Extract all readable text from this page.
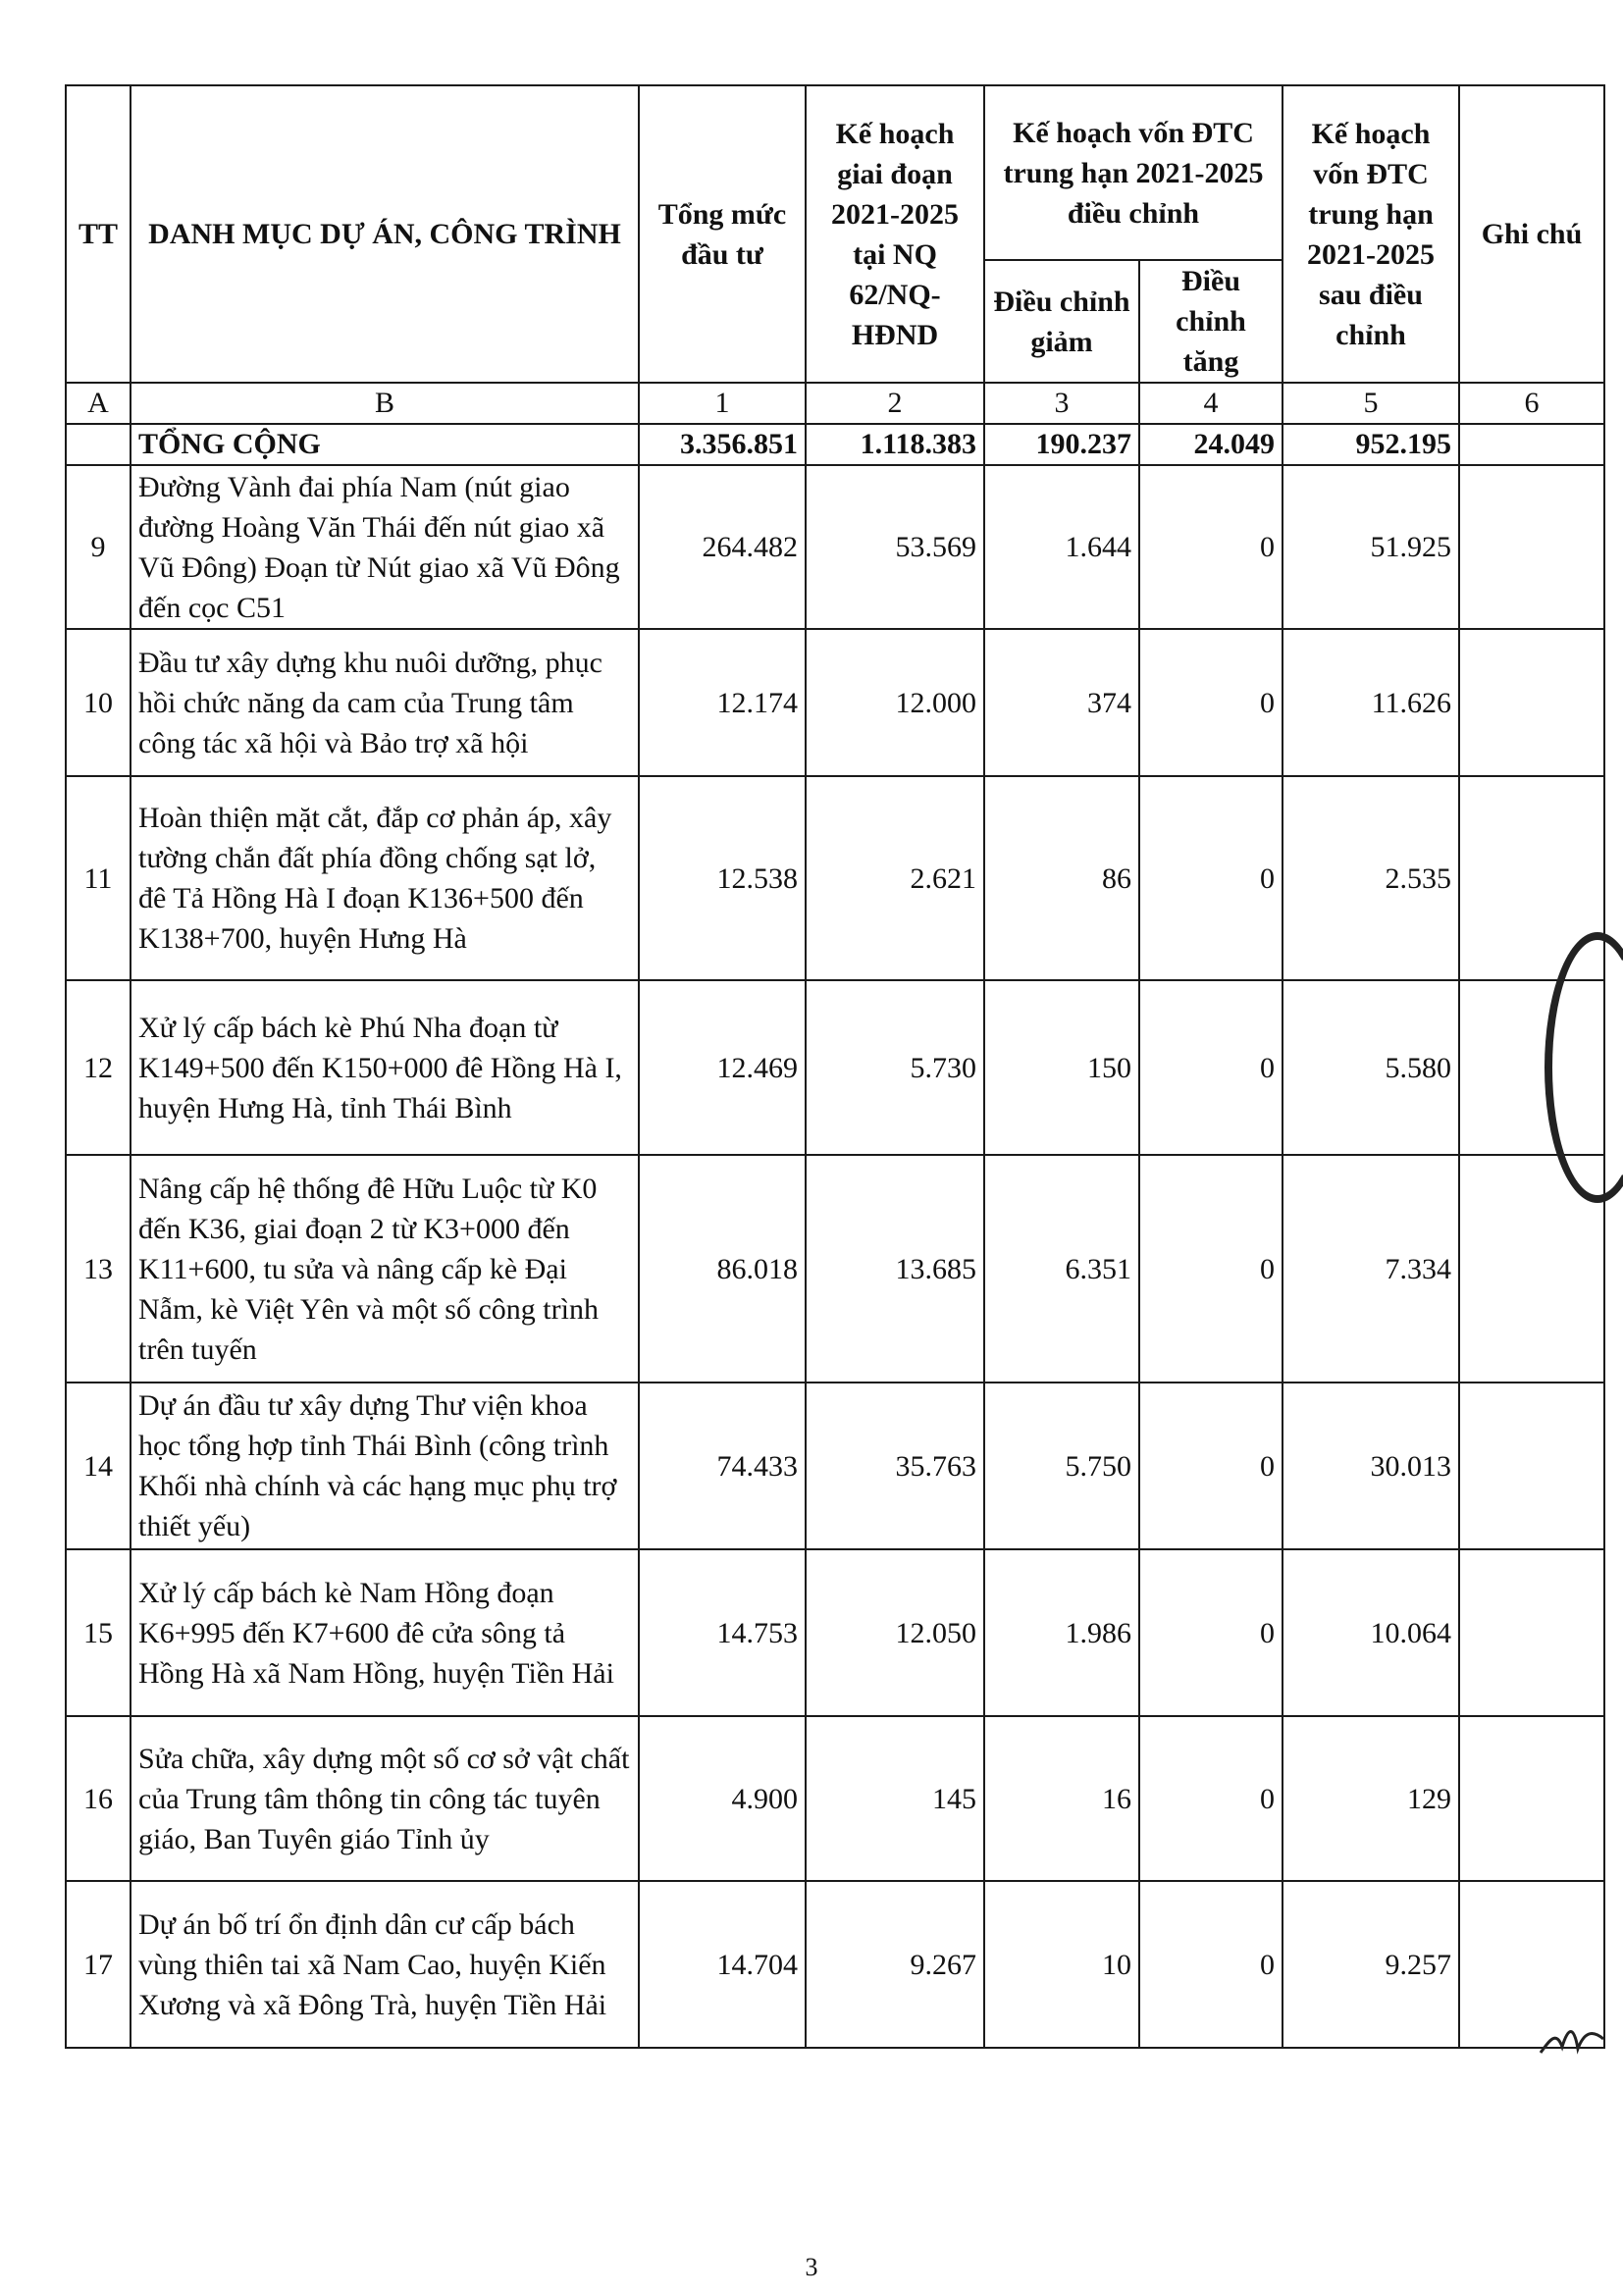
TT	DANH MỤC DỰ ÁN, CÔNG TRÌNH	Tổng mức đầu tư	Kế hoạch giai đoạn 2021-2025 tại NQ 62/NQ-HĐND	Kế hoạch vốn ĐTC trung hạn 2021-2025 điều chỉnh		Kế hoạch vốn ĐTC trung hạn 2021-2025 sau điều chỉnh	Ghi chú
				Điều chỉnh giảm	Điều chỉnh tăng		
A	B	1	2	3	4	5	6
	TỔNG CỘNG	3.356.851	1.118.383	190.237	24.049	952.195	
9	Đường Vành đai phía Nam (nút giao đường Hoàng Văn Thái đến nút giao xã Vũ Đông) Đoạn từ Nút giao xã Vũ Đông đến cọc C51	264.482	53.569	1.644	0	51.925	
10	Đầu tư xây dựng khu nuôi dưỡng, phục hồi chức năng da cam của Trung tâm công tác xã hội và Bảo trợ xã hội	12.174	12.000	374	0	11.626	
11	Hoàn thiện mặt cắt, đắp cơ phản áp, xây tường chắn đất phía đồng chống sạt lở, đê Tả Hồng Hà I đoạn K136+500 đến K138+700, huyện Hưng Hà	12.538	2.621	86	0	2.535	
12	Xử lý cấp bách kè Phú Nha đoạn từ K149+500 đến K150+000 đê Hồng Hà I, huyện Hưng Hà, tỉnh Thái Bình	12.469	5.730	150	0	5.580	
13	Nâng cấp hệ thống đê Hữu Luộc từ K0 đến K36, giai đoạn 2 từ K3+000 đến K11+600, tu sửa và nâng cấp kè Đại Nẫm, kè Việt Yên và một số công trình trên tuyến	86.018	13.685	6.351	0	7.334	
14	Dự án đầu tư xây dựng Thư viện khoa học tổng hợp tỉnh Thái Bình (công trình Khối nhà chính và các hạng mục phụ trợ thiết yếu)	74.433	35.763	5.750	0	30.013	
15	Xử lý cấp bách kè Nam Hồng đoạn K6+995 đến K7+600 đê cửa sông tả Hồng Hà xã Nam Hồng, huyện Tiền Hải	14.753	12.050	1.986	0	10.064	
16	Sửa chữa, xây dựng một số cơ sở vật chất của Trung tâm thông tin công tác tuyên giáo, Ban Tuyên giáo Tỉnh ủy	4.900	145	16	0	129	
17	Dự án bố trí ổn định dân cư cấp bách vùng thiên tai xã Nam Cao, huyện Kiến Xương và xã Đông Trà, huyện Tiền Hải	14.704	9.267	10	0	9.257	
3
